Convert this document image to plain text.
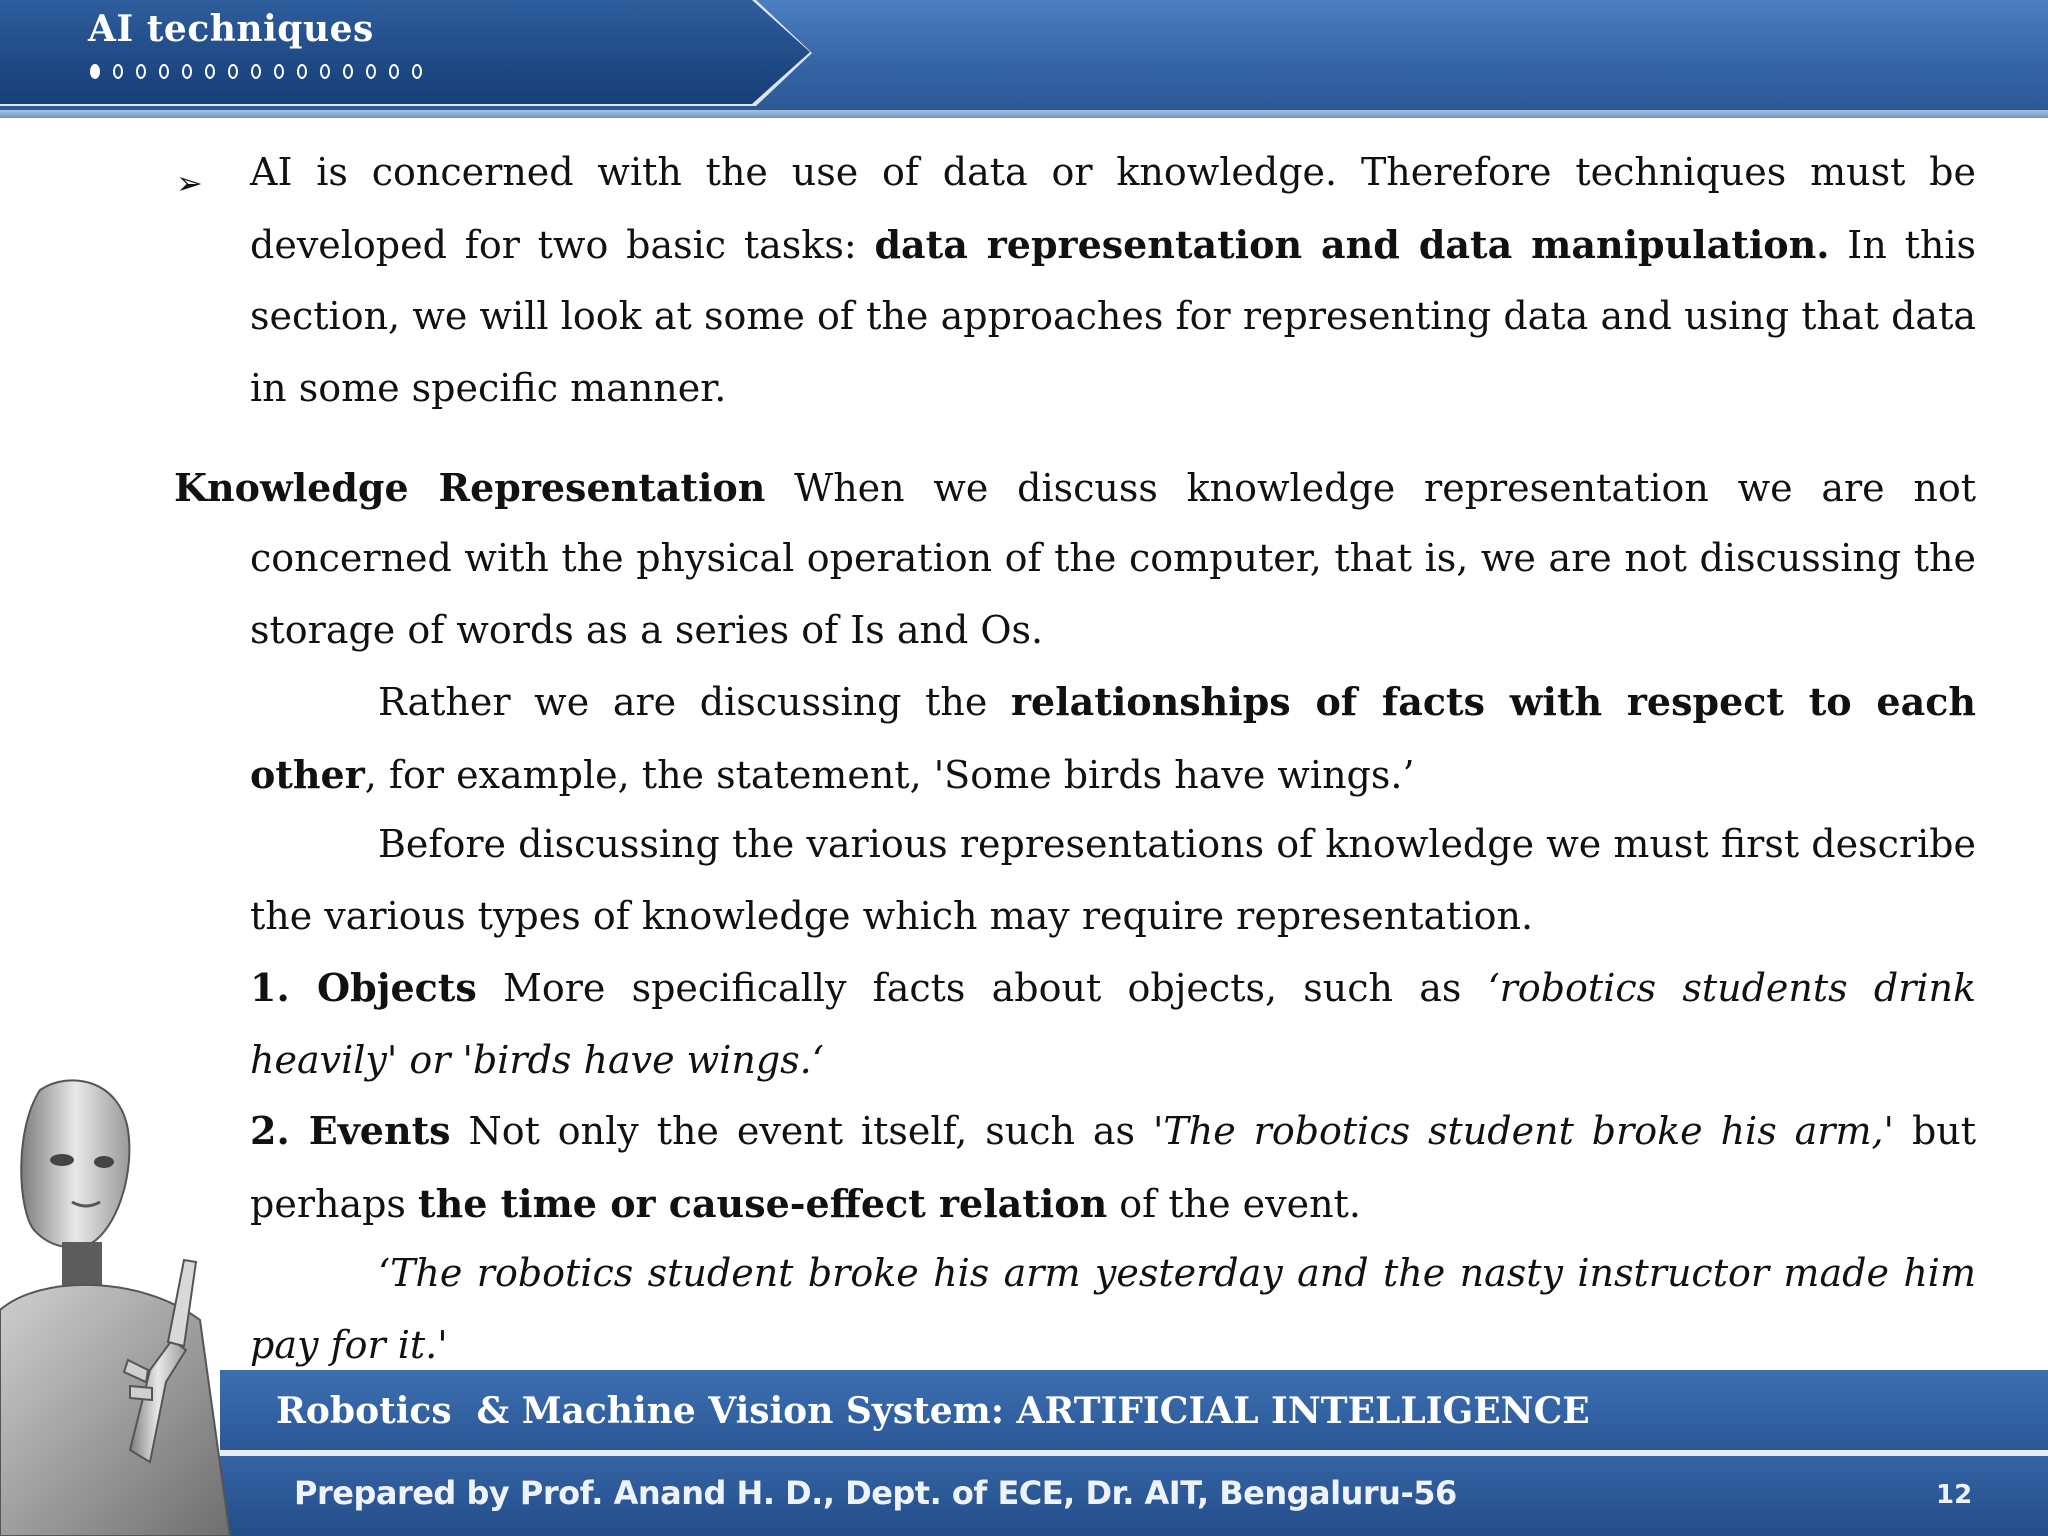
AI techniques
➢ AI is concerned with the use of data or knowledge. Therefore techniques must be developed for two basic tasks: data representation and data manipulation. In this section, we will look at some of the approaches for representing data and using that data in some specific manner.
Knowledge Representation When we discuss knowledge representation we are not
concerned with the physical operation of the computer, that is, we are not discussing the storage of words as a series of Is and Os.
Rather we are discussing the relationships of facts with respect to each other, for example, the statement, 'Some birds have wings.’
Before discussing the various representations of knowledge we must first describe the various types of knowledge which may require representation.
1. Objects More specifically facts about objects, such as ‘robotics students drink heavily' or 'birds have wings.‘
2. Events Not only the event itself, such as 'The robotics student broke his arm,' but perhaps the time or cause-effect relation of the event.
‘The robotics student broke his arm yesterday and the nasty instructor made him pay for it.'
Robotics  & Machine Vision System: ARTIFICIAL INTELLIGENCE
Prepared by Prof. Anand H. D., Dept. of ECE, Dr. AIT, Bengaluru-56	12
